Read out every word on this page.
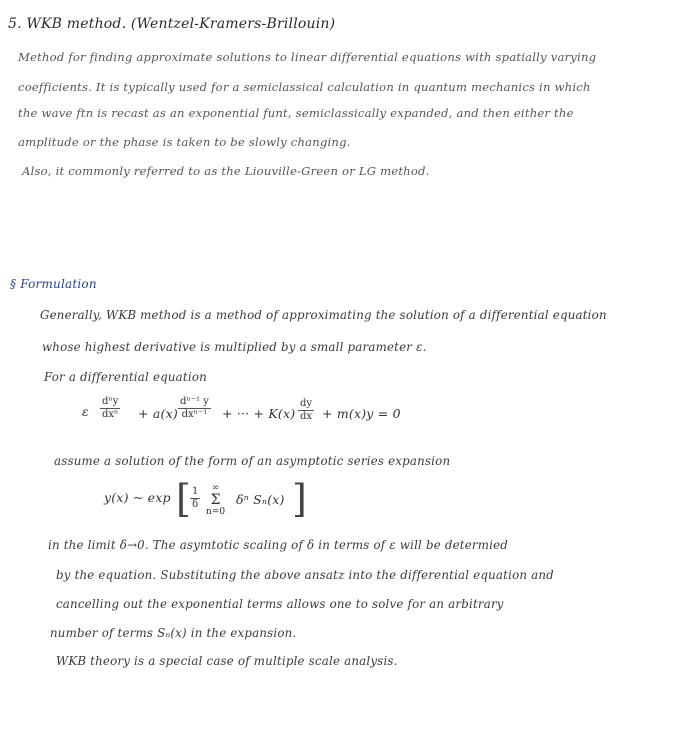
5. WKB method. (Wentzel-Kramers-Brillouin)
Method for finding approximate solutions to linear differential equations with spatially varying
coefficients. It is typically used for a semiclassical calculation in quantum mechanics in which
the wave ftn is recast as an exponential funt, semiclassically expanded, and then either the
amplitude or the phase is taken to be slowly changing.
Also, it commonly referred to as the Liouville-Green or LG method.
§ Formulation
Generally, WKB method is a method of approximating the solution of a differential equation
whose highest derivative is multiplied by a small parameter ε.
For a differential equation
ε
dⁿy
dxⁿ + a(x)
dⁿ⁻¹ y
dxⁿ⁻¹ + ··· + $K(x) \frac{dy}{dx} + m(x)y = 0$
assume a solution of the form of an asymptotic series expansion
y(x) ~ exp [ $\frac{1}{\delta}$	∞
Σ
n=0
δⁿ Sₙ(x) ]
in the limit δ→0. The asymtotic scaling of δ in terms of ε will be determied
by the equation. Substituting the above ansatz into the differential equation and
cancelling out the exponential terms allows one to solve for an arbitrary
number of terms Sₙ(x) in the expansion.
WKB theory is a special case of multiple scale analysis.
